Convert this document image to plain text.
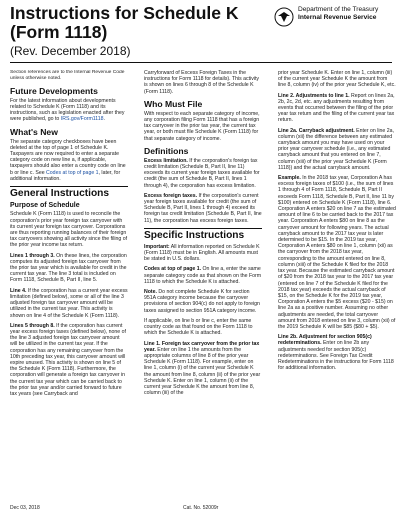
Instructions for Schedule K (Form 1118)
(Rev. December 2018)
Department of the Treasury
Internal Revenue Service

Section references are to the Internal Revenue Code unless otherwise noted.

Future Developments

For the latest information about developments related to Schedule K (Form 1118) and its instructions, such as legislation enacted after they were published, go to IRS.gov/Form1118.

What's New

The separate category checkboxes have been deleted at the top of page 1 of Schedule K. Taxpayers are now required to enter a separate category code on new line a, if applicable, taxpayers should also enter a country code on line b or line c. See Codes at top of page 1, later, for additional information.

General Instructions
Purpose of Schedule

Schedule K (Form 1118) is used to reconcile the corporation's prior year foreign tax carryover with its current year foreign tax carryover. Corporations are thus reporting running balances of their foreign tax carryovers showing all activity since the filing of the prior year income tax return.

Lines 1 through 3. On these lines, the corporation computes its adjusted foreign tax carryover from the prior tax year which is available for credit in the current tax year. The line 3 total is included on Form 1118, Schedule B, Part II, line 5.

Line 4. If the corporation has a current year excess limitation (defined below), some or all of the line 3 adjusted foreign tax carryover amount will be utilized in the current tax year. This activity is shown on line 4 of the Schedule K (Form 1118).

Lines 5 through 8. If the corporation has current year excess foreign taxes (defined below), none of the line 3 adjusted foreign tax carryover amount will be utilized in the current tax year. If the corporation has any remaining carryover from the 10th preceding tax year, this carryover amount will expire unused. This activity is shown on line 5 of the Schedule K (Form 1118). Furthermore, the corporation will generate a foreign tax carryover in the current tax year which can be carried back to the prior tax year and/or carried forward to future tax years (see Carryback and

Carryforward of Excess Foreign Taxes in the instructions for Form 1118 for details). This activity is shown on lines 6 through 8 of the Schedule K (Form 1118).

Who Must File

With respect to each separate category of income, any corporation filing Form 1118 that has a foreign tax carryover in the prior tax year, the current tax year, or both must file Schedule K (Form 1118) for that separate category of income.

Definitions

Excess limitation. If the corporation's foreign tax credit limitation (Schedule B, Part II, line 11) exceeds its current year foreign taxes available for credit (the sum of Schedule B, Part II, lines 1 through 4), the corporation has excess limitation.

Excess foreign taxes. If the corporation's current year foreign taxes available for credit (the sum of Schedule B, Part II, lines 1 through 4) exceed its foreign tax credit limitation (Schedule B, Part II, line 11), the corporation has excess foreign taxes.

Specific Instructions

Important: All information reported on Schedule K (Form 1118) must be in English. All amounts must be stated in U.S. dollars.

Codes at top of page 1. On line a, enter the same separate category code as that shown on the Form 1118 to which the Schedule K is attached.

Note. Do not complete Schedule K for section 951A category income because the carryover provisions of section 904(c) do not apply to foreign taxes assigned to section 951A category income.

If applicable, on line b or line c, enter the same country code as that found on the Form 1118 to which the Schedule K is attached.

Line 1. Foreign tax carryover from the prior tax year. Enter on line 1 the amounts from the appropriate columns of line 8 of the prior year Schedule K (Form 1118). For example, enter on line 1, column (i) of the current year Schedule K the amount from line 8, column (ii) of the prior year Schedule K. Enter on line 1, column (ii) of the current year Schedule K the amount from line 8, column (iii) of the

prior year Schedule K. Enter on line 1, column (iii) of the current year Schedule K the amount from line 8, column (iv) of the prior year Schedule K, etc.

Line 2. Adjustments to line 1. Report on lines 2a, 2b, 2c, 2d, etc. any adjustments resulting from events that occurred between the filing of the prior year tax return and the filing of the current year tax return.

Line 2a. Carryback adjustment. Enter on line 2a, column (xii) the difference between any estimated carryback amount you may have used on your prior year carryover schedule (i.e., any estimated carryback amount that you entered on line 7, column (xiii) of the prior year Schedule K (Form 1118)) and the actual carryback amount.

Example. In the 2018 tax year, Corporation A has excess foreign taxes of $100 (i.e., the sum of lines 1 through 4 of Form 1118, Schedule B, Part II exceeds Form 1118, Schedule B, Part II, line 11 by $100) entered on Schedule K (Form 1118), line 6. Corporation A enters $20 on line 7 as the estimated amount of line 6 to be carried back to the 2017 tax year. Corporation A enters $80 on line 8 as the carryover amount for following years. The actual carryback amount to the 2017 tax year is later determined to be $15. In the 2019 tax year, Corporation A enters $80 on line 1, column (xii) as the carryover from the 2018 tax year, corresponding to the amount entered on line 8, column (xiii) of the Schedule K filed for the 2018 tax year. Because the estimated carryback amount of $20 from the 2018 tax year to the 2017 tax year (entered on line 7 of the Schedule K filed for the 2018 tax year) exceeds the actual carryback of $15, on the Schedule K for the 2019 tax year, Corporation A enters the $5 excess ($20 - $15) on line 2a as a positive number. Assuming no other adjustments are needed, the total carryover amount from 2018 entered on line 3, column (xii) of the 2019 Schedule K will be $85 ($80 + $5).

Line 2b. Adjustment for section 905(c) redeterminations. Enter on line 2b any adjustments needed for section 905(c) redeterminations. See Foreign Tax Credit Redeterminations in the instructions for Form 1118 for additional information.

Dec 03, 2018	Cat. No. 52009r
